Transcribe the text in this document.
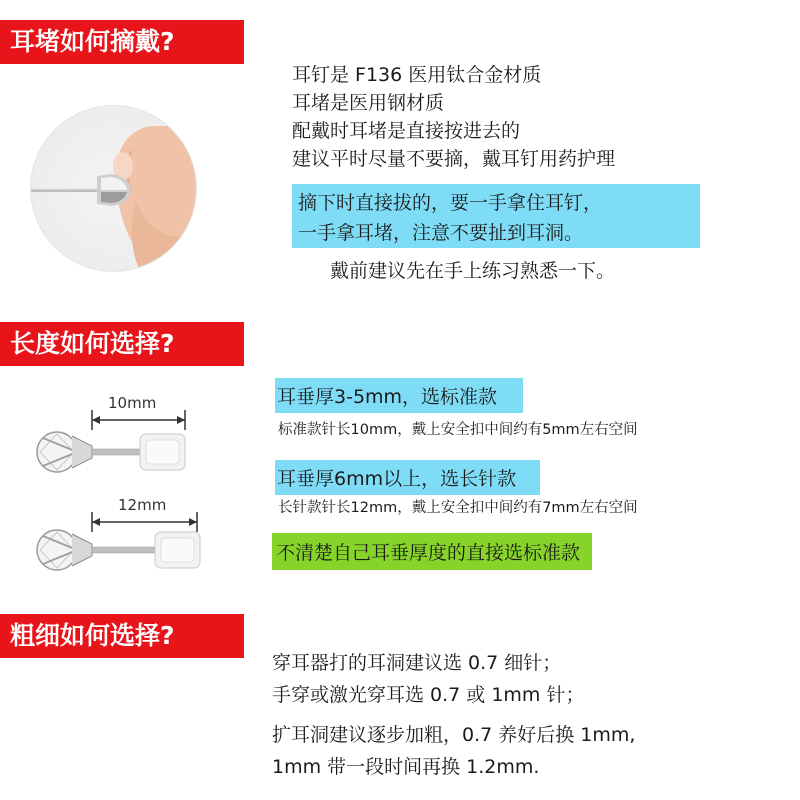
耳堵如何摘戴?
耳钉是 F136 医用钛合金材质
耳堵是医用钢材质
配戴时耳堵是直接按进去的
建议平时尽量不要摘，戴耳钉用药护理
摘下时直接拔的，要一手拿住耳钉，
一手拿耳堵，注意不要扯到耳洞。
戴前建议先在手上练习熟悉一下。
长度如何选择?
10mm
12mm
耳垂厚3-5mm，选标准款
标准款针长10mm，戴上安全扣中间约有5mm左右空间
耳垂厚6mm以上，选长针款
长针款针长12mm，戴上安全扣中间约有7mm左右空间
不清楚自己耳垂厚度的直接选标准款
粗细如何选择?
穿耳器打的耳洞建议选 0.7 细针；
手穿或激光穿耳选 0.7 或 1mm 针；
扩耳洞建议逐步加粗，0.7 养好后换 1mm,
1mm 带一段时间再换 1.2mm.
